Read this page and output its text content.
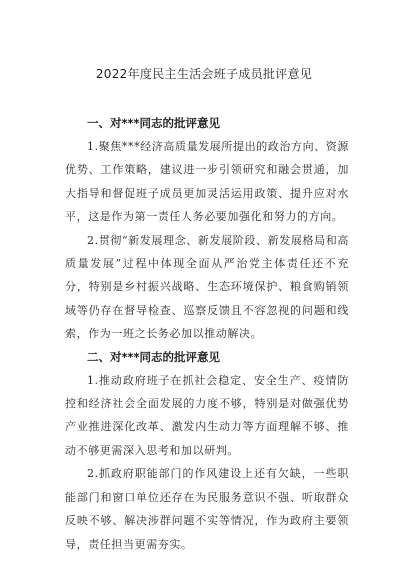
2022年度民主生活会班子成员批评意见
一、对***同志的批评意见

1.聚焦***经济高质量发展所提出的政治方向、资源优势、工作策略，建议进一步引领研究和融会贯通，加大指导和督促班子成员更加灵活运用政策、提升应对水平，这是作为第一责任人务必要加强化和努力的方向。

2.贯彻“新发展理念、新发展阶段、新发展格局和高质量发展”过程中体现全面从严治党主体责任还不充分，特别是乡村振兴战略、生态环境保护、粮食购销领域等仍存在督导检查、巡察反馈且不容忽视的问题和线索，作为一班之长务必加以推动解决。

二、对***同志的批评意见

1.推动政府班子在抓社会稳定、安全生产、疫情防控和经济社会全面发展的力度不够，特别是对做强优势产业推进深化改革、激发内生动力等方面理解不够、推动不够更需深入思考和加以研判。

2.抓政府职能部门的作风建设上还有欠缺，一些职能部门和窗口单位还存在为民服务意识不强、听取群众反映不够、解决涉群问题不实等情况，作为政府主要领导，责任担当更需夯实。
